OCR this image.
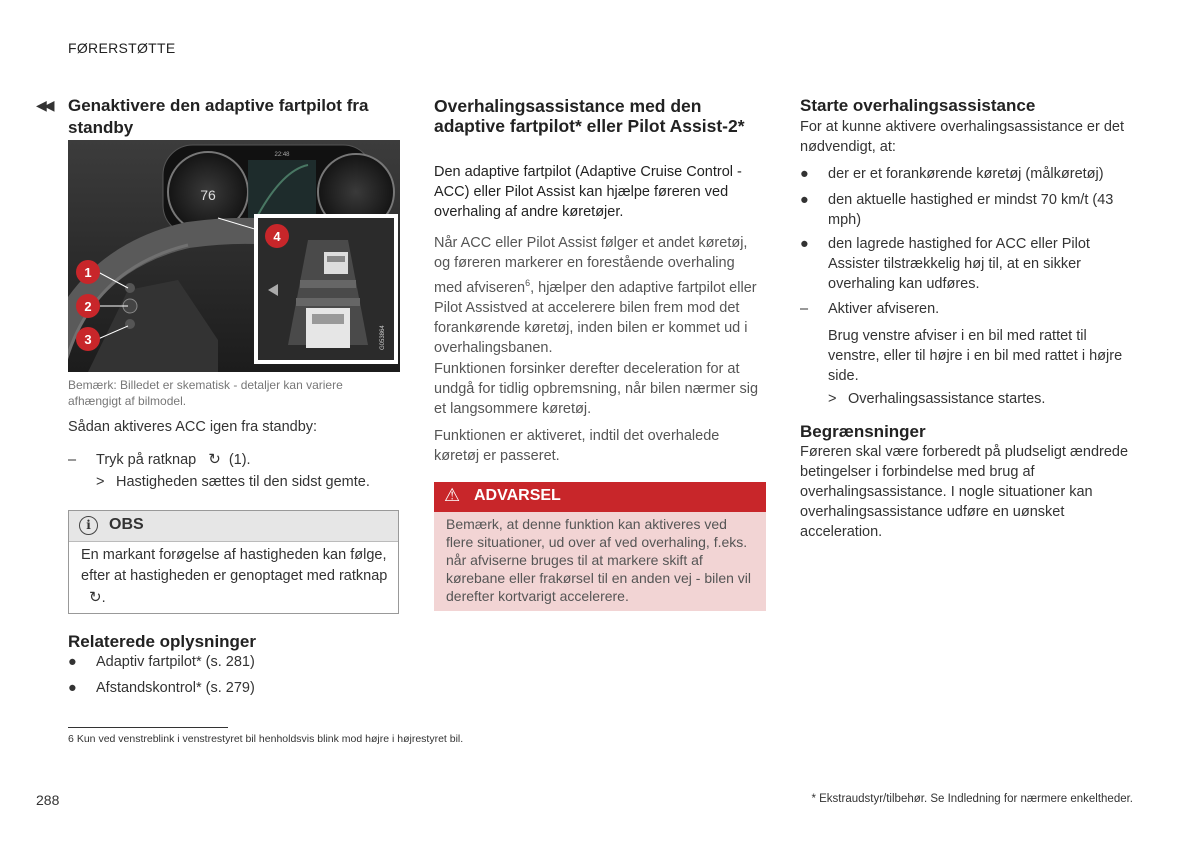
FØRERSTØTTE
◀◀ Genaktivere den adaptive fartpilot fra standby
76
22:48
1
2
3
4
G053864
Bemærk: Billedet er skematisk - detaljer kan variere afhængigt af bilmodel.
Sådan aktiveres ACC igen fra standby:
– Tryk på ratknap ↻ (1).
> Hastigheden sættes til den sidst gemte.
i	OBS
En markant forøgelse af hastigheden kan følge, efter at hastigheden er genoptaget med ratknap ↻.
Relaterede oplysninger
● Adaptiv fartpilot* (s. 281)
● Afstandskontrol* (s. 279)
Overhalingsassistance med den adaptive fartpilot* eller Pilot Assist-2*
Den adaptive fartpilot (Adaptive Cruise Control - ACC) eller Pilot Assist kan hjælpe føreren ved overhaling af andre køretøjer.
Når ACC eller Pilot Assist følger et andet køretøj, og føreren markerer en forestående overhaling med afviseren$^6$, hjælper den adaptive fartpilot eller Pilot Assistved at accelerere bilen frem mod det forankørende køretøj, inden bilen er kommet ud i overhalingsbanen.
Funktionen forsinker derefter deceleration for at undgå for tidlig opbremsning, når bilen nærmer sig et langsommere køretøj.
Funktionen er aktiveret, indtil det overhalede køretøj er passeret.
⚠ ADVARSEL
Bemærk, at denne funktion kan aktiveres ved flere situationer, ud over af ved overhaling, f.eks. når afviserne bruges til at markere skift af kørebane eller frakørsel til en anden vej - bilen vil derefter kortvarigt accelerere.
Starte overhalingsassistance
For at kunne aktivere overhalingsassistance er det nødvendigt, at:
●	der er et forankørende køretøj (målkøretøj)
●	den aktuelle hastighed er mindst 70 km/t (43 mph)
●	den lagrede hastighed for ACC eller Pilot Assister tilstrækkelig høj til, at en sikker overhaling kan udføres.
–	Aktiver afviseren.
Brug venstre afviser i en bil med rattet til venstre, eller til højre i en bil med rattet i højre side.
> Overhalingsassistance startes.
Begrænsninger
Føreren skal være forberedt på pludseligt ændrede betingelser i forbindelse med brug af overhalingsassistance. I nogle situationer kan overhalingsassistance udføre en uønsket acceleration.
6 Kun ved venstreblink i venstrestyret bil henholdsvis blink mod højre i højrestyret bil.
288	* Ekstraudstyr/tilbehør. Se Indledning for nærmere enkeltheder.
